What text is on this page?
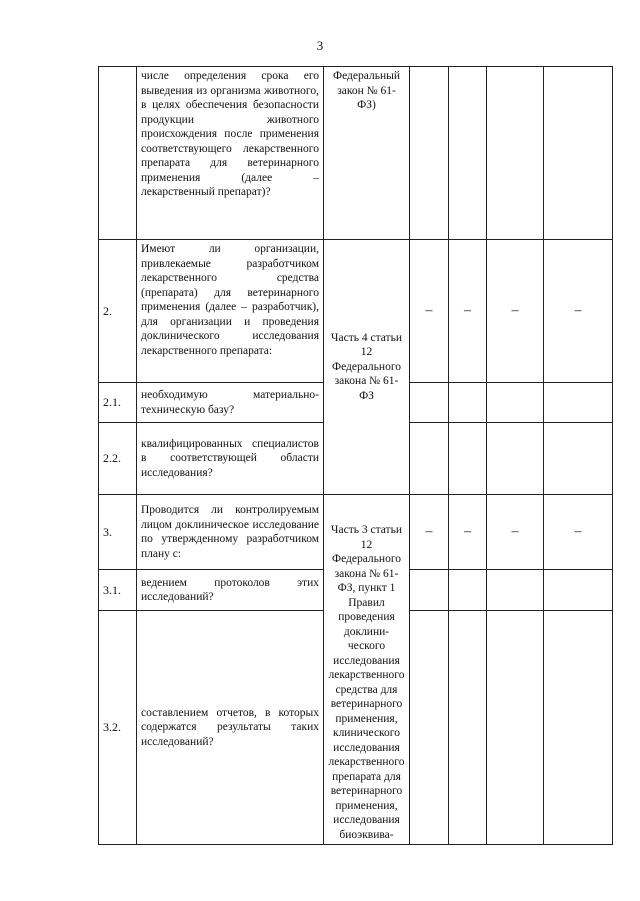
3
	числе определения срока его выведения из организма животного, в целях обеспечения безопасности продукции животного происхождения после применения соответствующего лекарственного препарата для ветеринарного применения (далее – лекарственный препарат)?	Федеральный закон № 61-ФЗ)				
2.	Имеют ли организации, привлекаемые разработчиком лекарственного средства (препарата) для ветеринарного применения (далее – разработчик), для организации и проведения доклинического исследования лекарственного препарата:	Часть 4 статьи 12 Федерального закона № 61-ФЗ	–	–	–	–
2.1.	необходимую материально-техническую базу?					
2.2.	квалифицированных специалистов в соответствующей области исследования?					
3.	Проводится ли контролируемым лицом доклиническое исследование по утвержденному разработчиком плану с:	Часть 3 статьи 12 Федерального закона № 61-ФЗ, пункт 1 Правил проведения доклини-ческого исследования лекарственного средства для ветеринарного применения, клинического исследования лекарственного препарата для ветеринарного применения, исследования биоэквива-	–	–	–	–
3.1.	ведением протоколов этих исследований?					
3.2.	составлением отчетов, в которых содержатся результаты таких исследований?					
